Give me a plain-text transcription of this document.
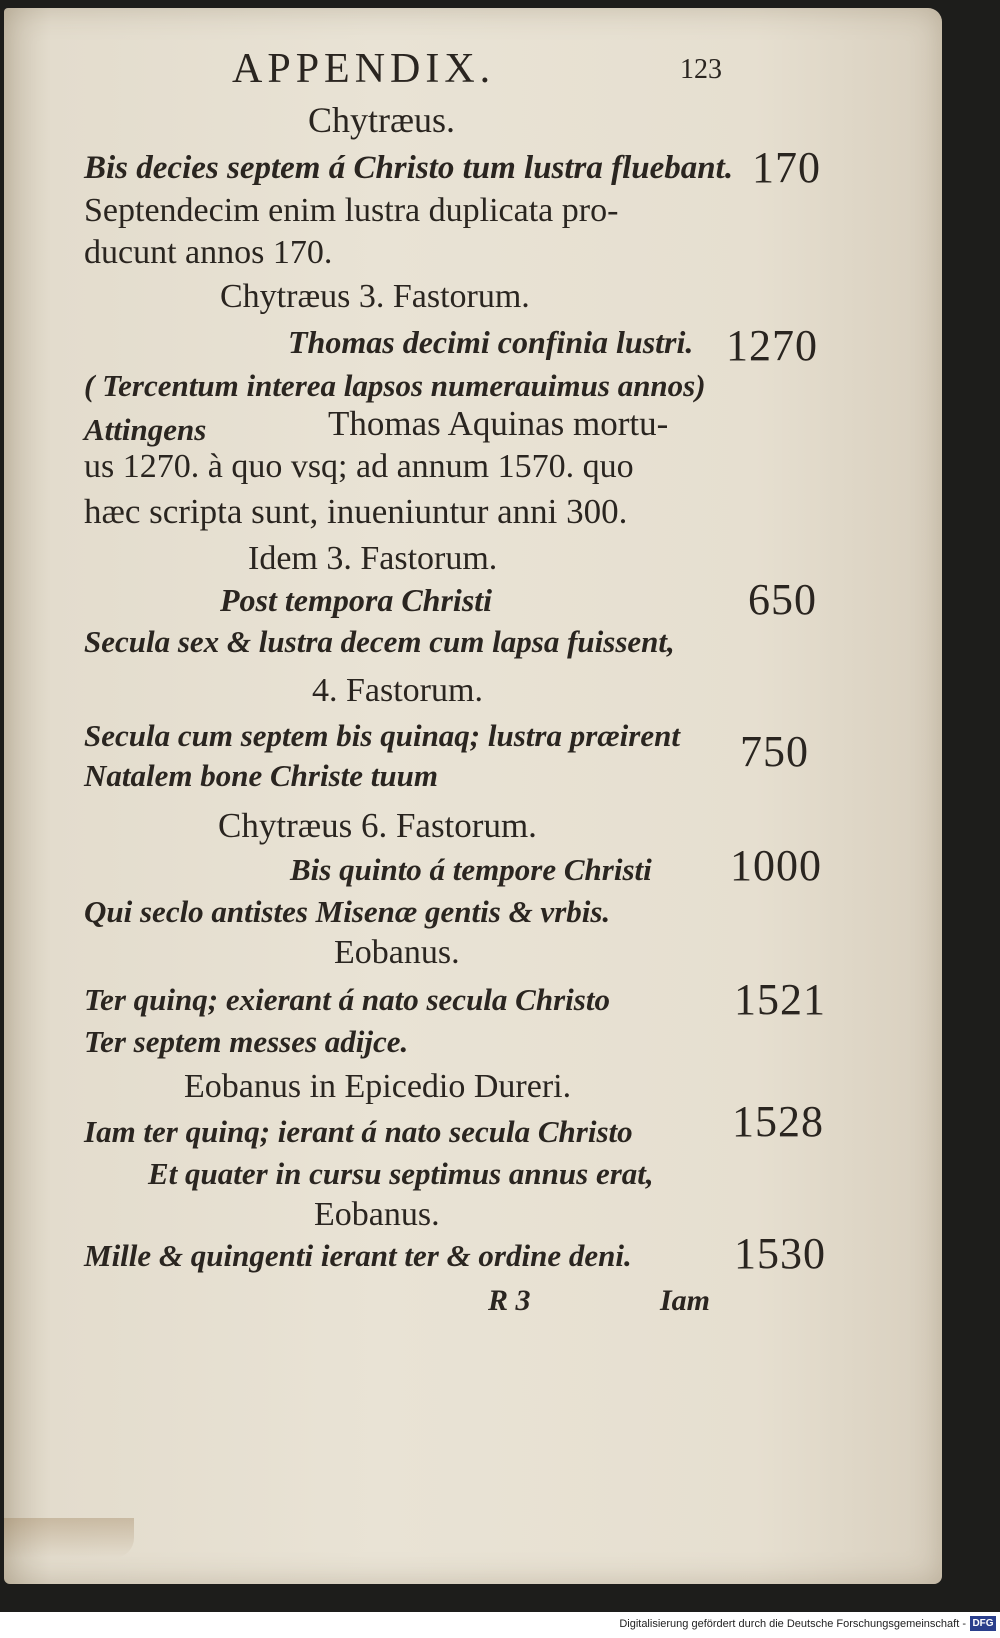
APPENDIX.	123
Chytræus.
Bis decies septem á Christo tum lustra fluebant. 170
Septendecim enim lustra duplicata pro-
ducunt annos 170.
Chytræus 3. Fastorum.
Thomas decimi confinia lustri. 1270
( Tercentum interea lapsos numerauimus annos)
Attingens	Thomas Aquinas mortu-
us 1270. à quo vsq; ad annum 1570. quo
hæc scripta sunt, inueniuntur anni 300.
Idem 3. Fastorum.
Post tempora Christi	650
Secula sex & lustra decem cum lapsa fuissent,
4. Fastorum.
Secula cum septem bis quinaq; lustra præirent 750
Natalem bone Christe tuum
Chytræus 6. Fastorum.
Bis quinto á tempore Christi 1000
Qui seclo antistes Misenæ gentis & vrbis.
Eobanus.
Ter quinq; exierant á nato secula Christo	1521
Ter septem messes adijce.
Eobanus in Epicedio Dureri.
Iam ter quinq; ierant á nato secula Christo 1528
Et quater in cursu septimus annus erat,
Eobanus.
Mille & quingenti ierant ter & ordine deni. 1530
R 3	Iam
Digitalisierung gefördert durch die Deutsche Forschungsgemeinschaft - DFG
